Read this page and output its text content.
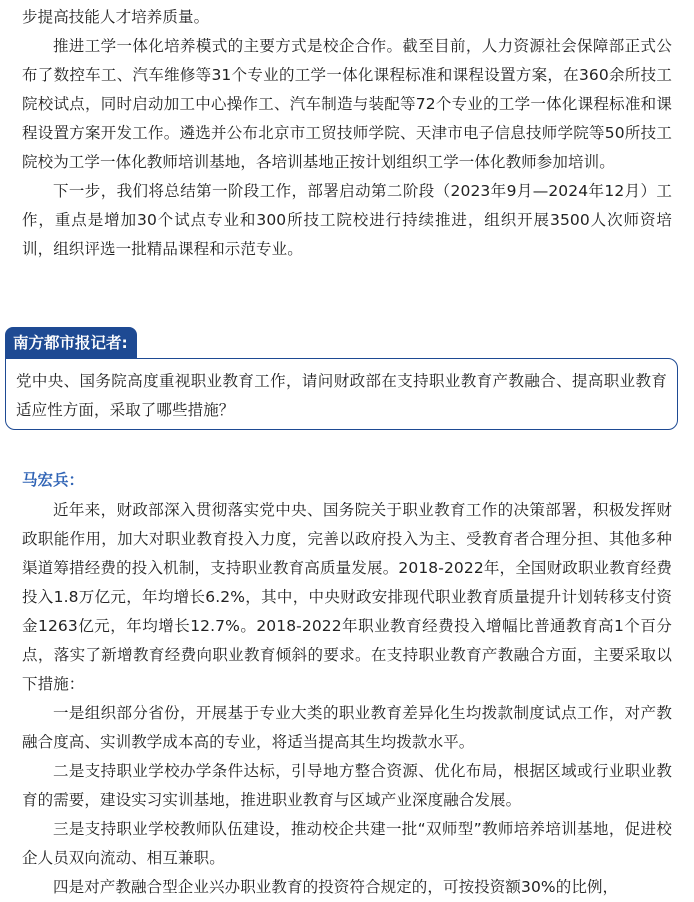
步提高技能人才培养质量。

推进工学一体化培养模式的主要方式是校企合作。截至目前，人力资源社会保障部正式公布了数控车工、汽车维修等31个专业的工学一体化课程标准和课程设置方案，在360余所技工院校试点，同时启动加工中心操作工、汽车制造与装配等72个专业的工学一体化课程标准和课程设置方案开发工作。遴选并公布北京市工贸技师学院、天津市电子信息技师学院等50所技工院校为工学一体化教师培训基地，各培训基地正按计划组织工学一体化教师参加培训。

下一步，我们将总结第一阶段工作，部署启动第二阶段（2023年9月—2024年12月）工作，重点是增加30个试点专业和300所技工院校进行持续推进，组织开展3500人次师资培训，组织评选一批精品课程和示范专业。

南方都市报记者:

党中央、国务院高度重视职业教育工作，请问财政部在支持职业教育产教融合、提高职业教育适应性方面，采取了哪些措施？

马宏兵：

近年来，财政部深入贯彻落实党中央、国务院关于职业教育工作的决策部署，积极发挥财政职能作用，加大对职业教育投入力度，完善以政府投入为主、受教育者合理分担、其他多种渠道筹措经费的投入机制，支持职业教育高质量发展。2018-2022年，全国财政职业教育经费投入1.8万亿元，年均增长6.2%，其中，中央财政安排现代职业教育质量提升计划转移支付资金1263亿元，年均增长12.7%。2018-2022年职业教育经费投入增幅比普通教育高1个百分点，落实了新增教育经费向职业教育倾斜的要求。在支持职业教育产教融合方面，主要采取以下措施：

一是组织部分省份，开展基于专业大类的职业教育差异化生均拨款制度试点工作，对产教融合度高、实训教学成本高的专业，将适当提高其生均拨款水平。

二是支持职业学校办学条件达标，引导地方整合资源、优化布局，根据区域或行业职业教育的需要，建设实习实训基地，推进职业教育与区域产业深度融合发展。

三是支持职业学校教师队伍建设，推动校企共建一批“双师型”教师培养培训基地，促进校企人员双向流动、相互兼职。

四是对产教融合型企业兴办职业教育的投资符合规定的，可按投资额30%的比例，
